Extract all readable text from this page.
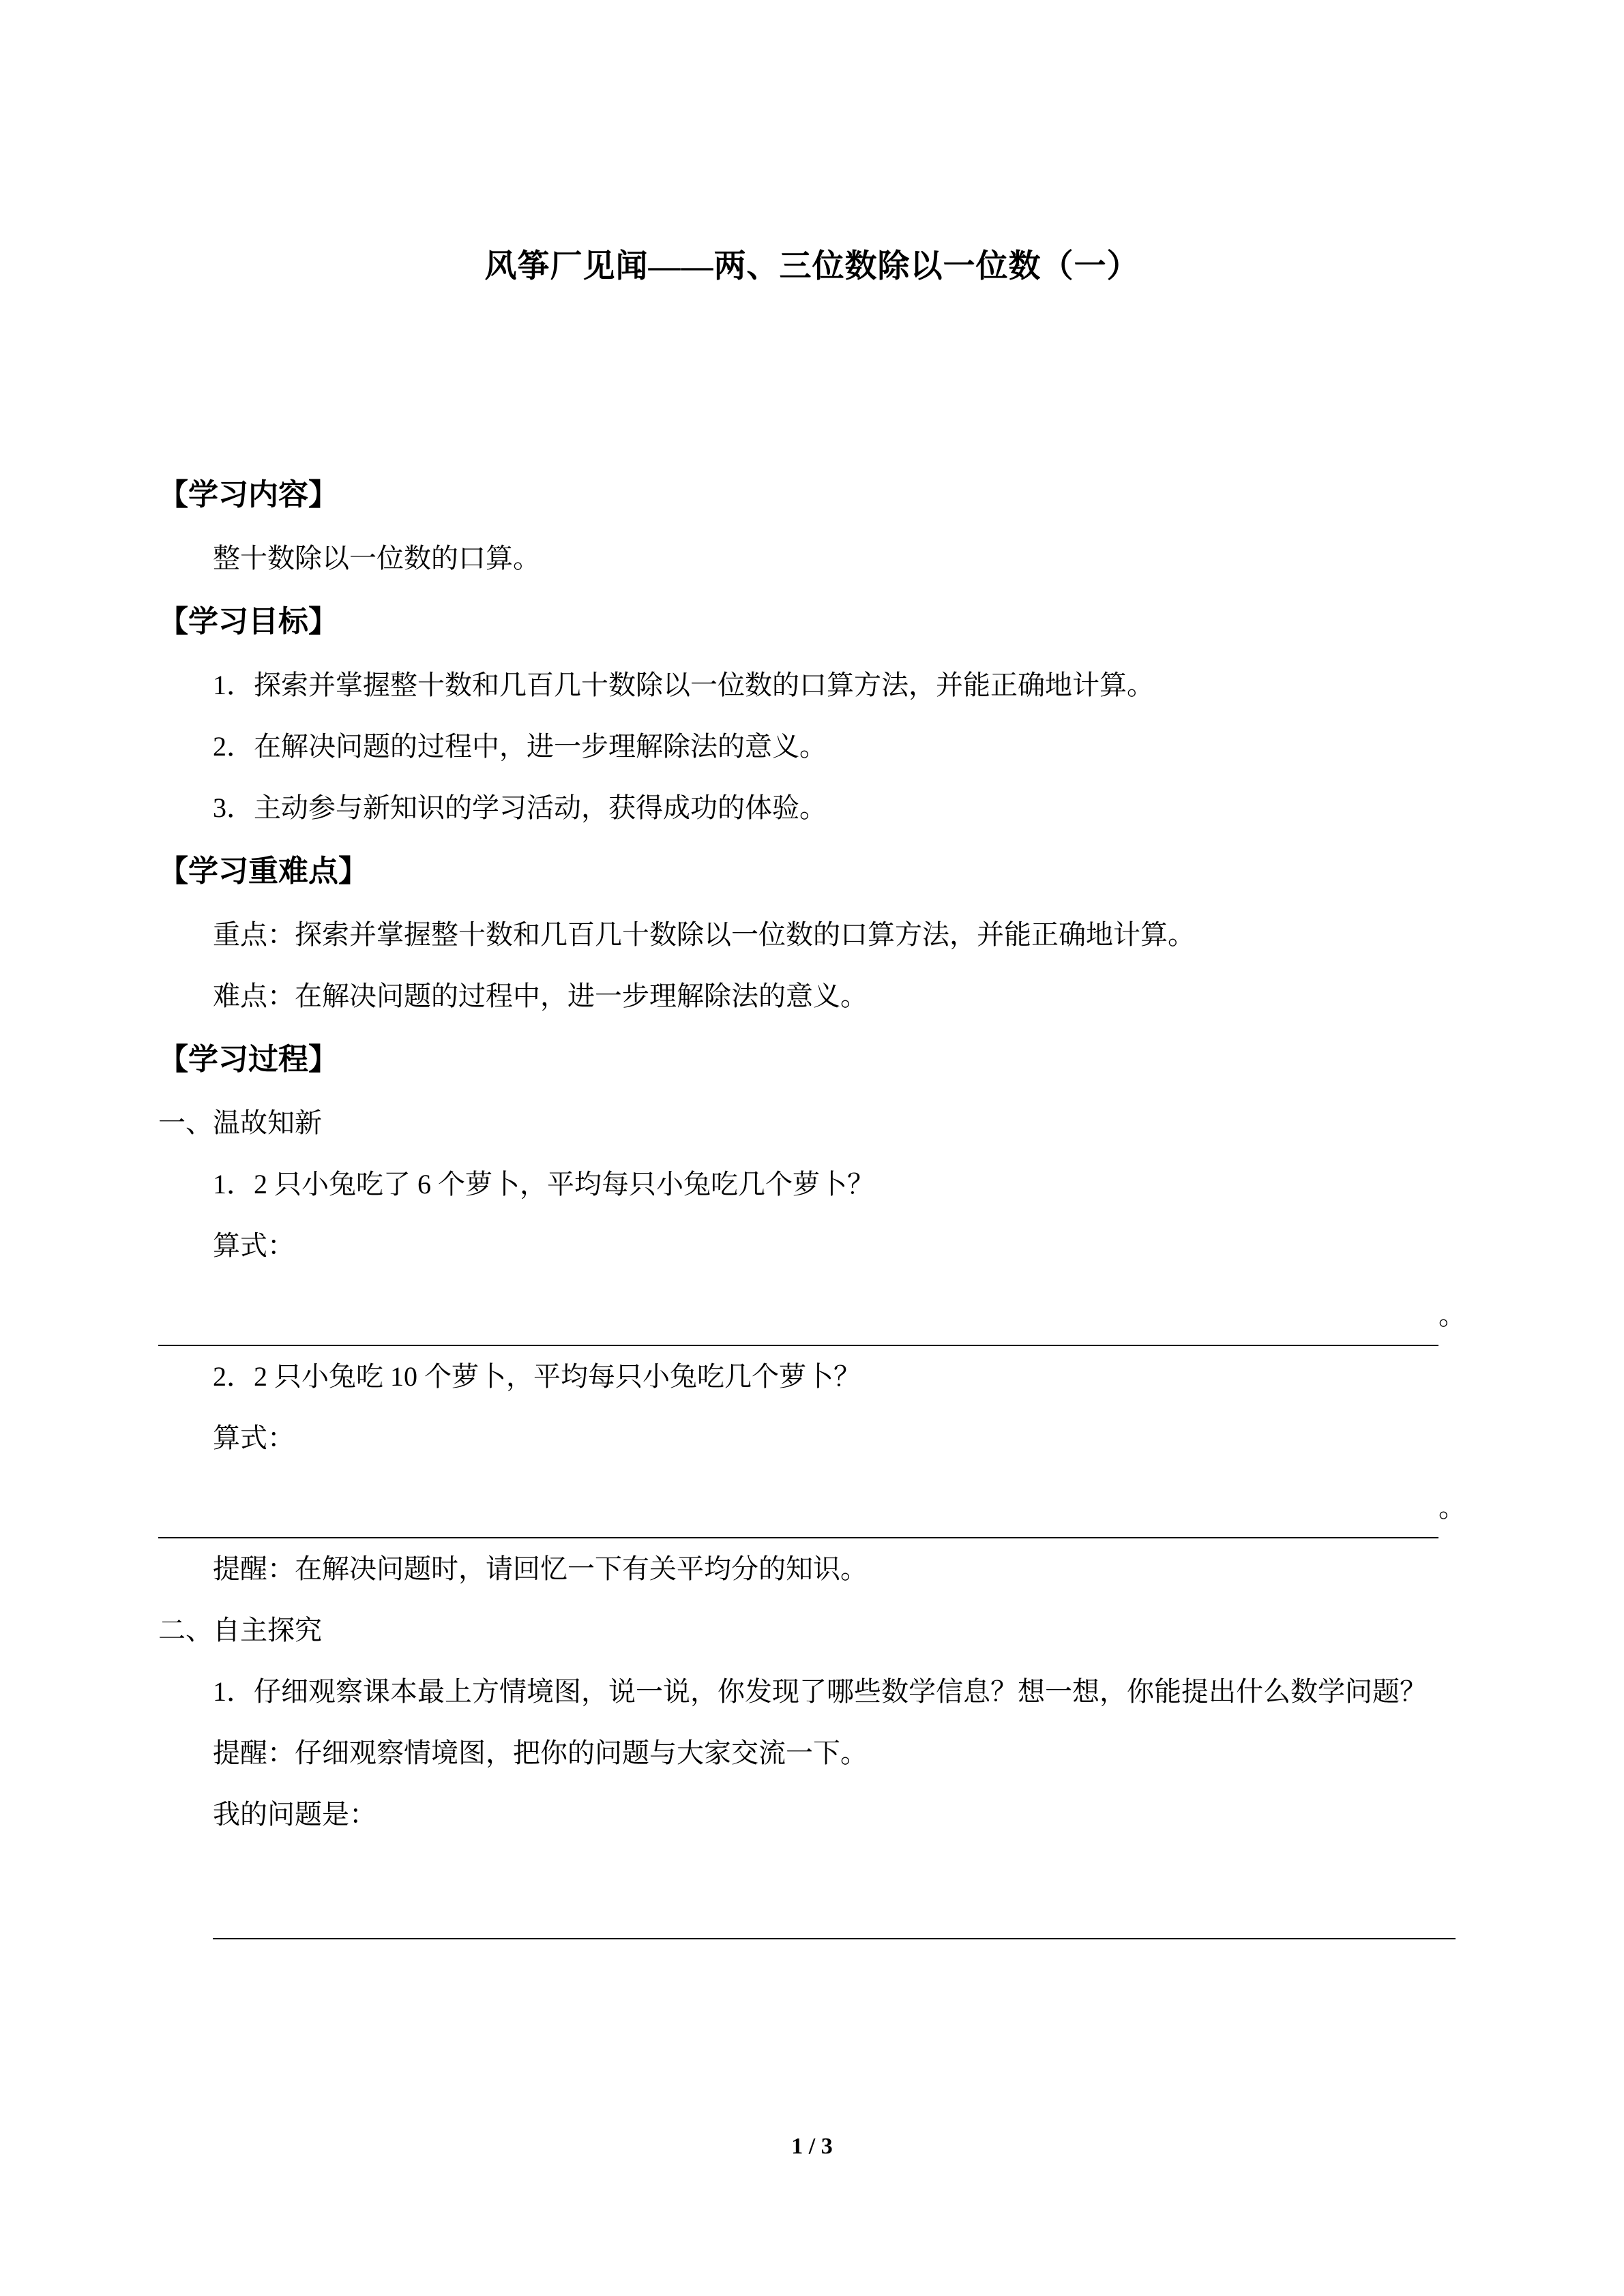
风筝厂见闻——两、三位数除以一位数（一）

【学习内容】

整十数除以一位数的口算。

【学习目标】

1．探索并掌握整十数和几百几十数除以一位数的口算方法，并能正确地计算。

2．在解决问题的过程中，进一步理解除法的意义。

3．主动参与新知识的学习活动，获得成功的体验。

【学习重难点】

重点：探索并掌握整十数和几百几十数除以一位数的口算方法，并能正确地计算。

难点：在解决问题的过程中，进一步理解除法的意义。

【学习过程】

一、温故知新

1．2 只小兔吃了 6 个萝卜，平均每只小兔吃几个萝卜？

算式：

。

2．2 只小兔吃 10 个萝卜，平均每只小兔吃几个萝卜？

算式：

。

提醒：在解决问题时，请回忆一下有关平均分的知识。

二、自主探究

1．仔细观察课本最上方情境图，说一说，你发现了哪些数学信息？想一想，你能提出什么数学问题？

提醒：仔细观察情境图，把你的问题与大家交流一下。

我的问题是：

1 / 3
